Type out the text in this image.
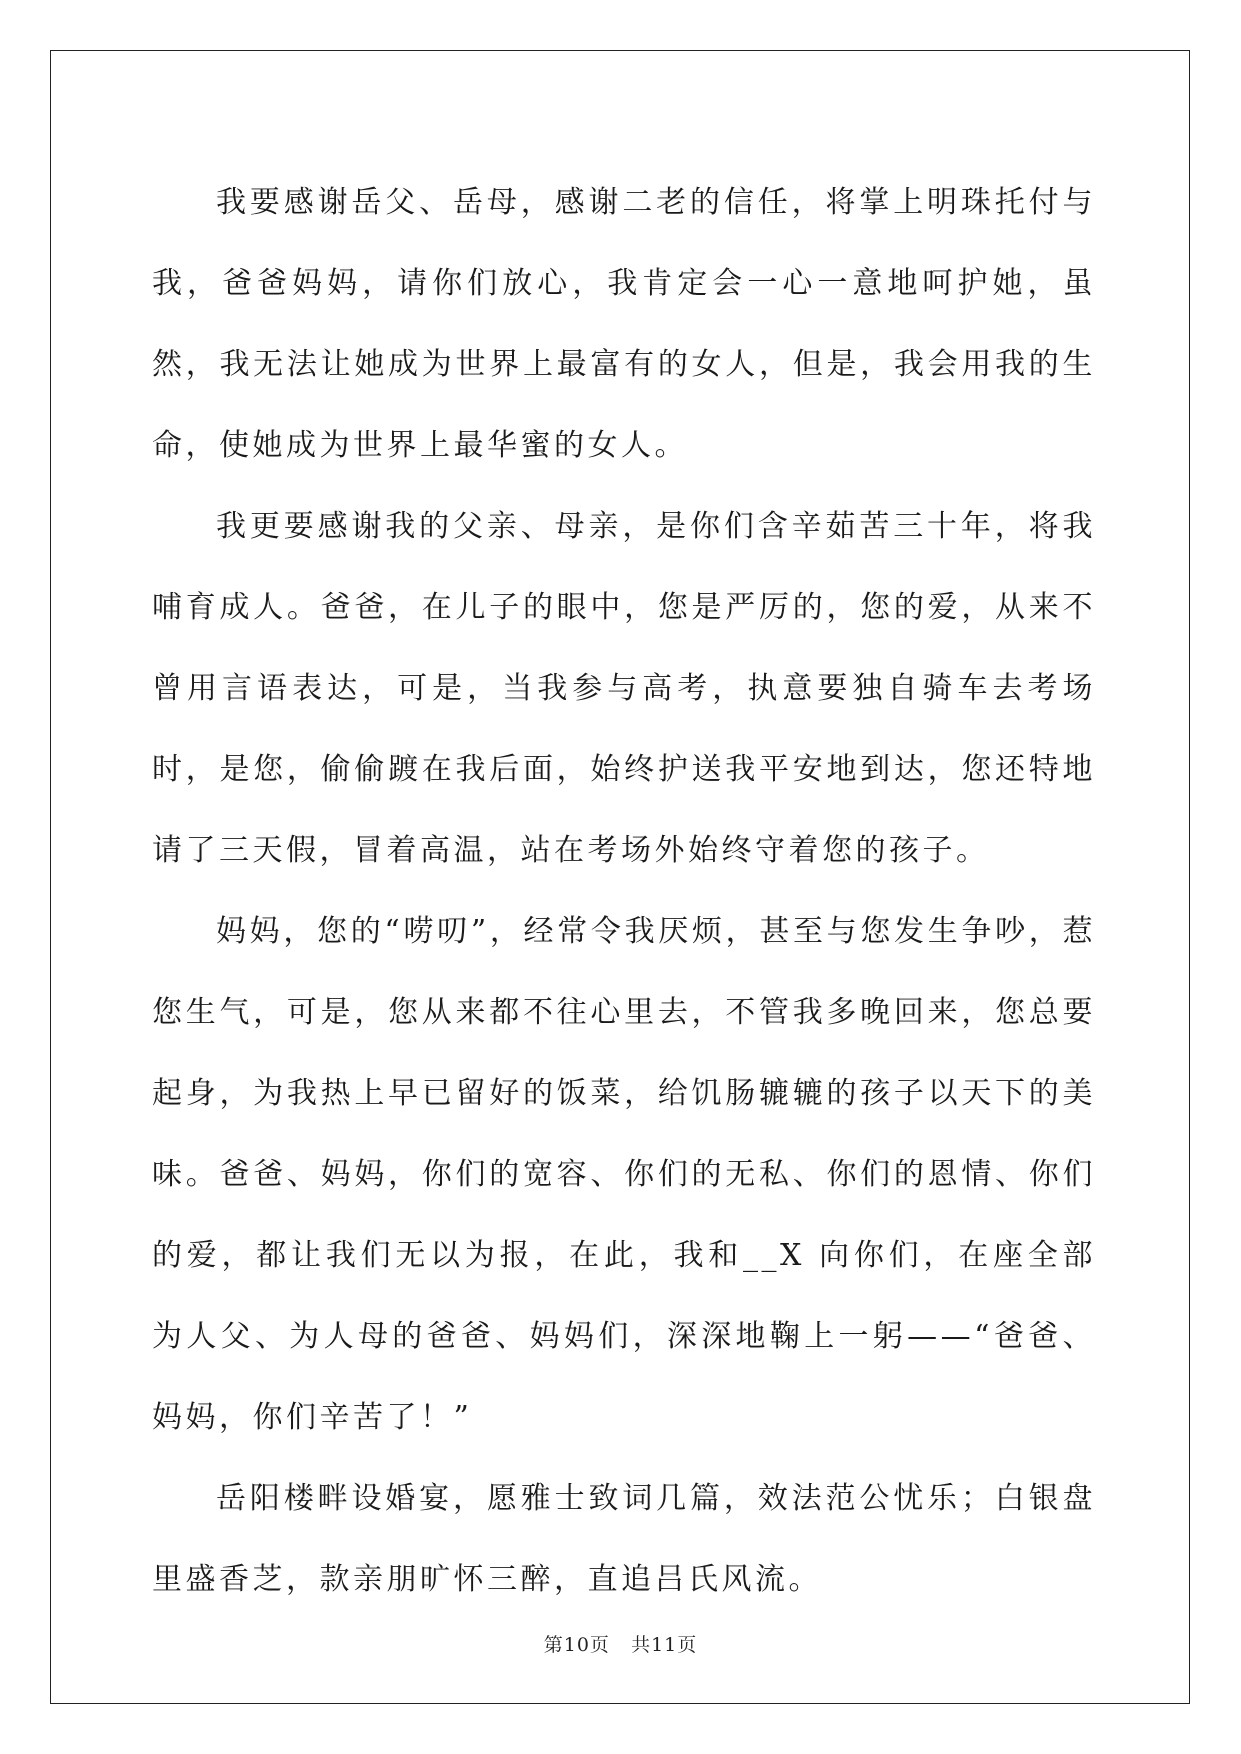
我要感谢岳父、岳母，感谢二老的信任，将掌上明珠托付与我，爸爸妈妈，请你们放心，我肯定会一心一意地呵护她，虽然，我无法让她成为世界上最富有的女人，但是，我会用我的生命，使她成为世界上最华蜜的女人。

我更要感谢我的父亲、母亲，是你们含辛茹苦三十年，将我哺育成人。爸爸，在儿子的眼中，您是严厉的，您的爱，从来不曾用言语表达，可是，当我参与高考，执意要独自骑车去考场时，是您，偷偷踱在我后面，始终护送我平安地到达，您还特地请了三天假，冒着高温，站在考场外始终守着您的孩子。

妈妈，您的“唠叨”，经常令我厌烦，甚至与您发生争吵，惹您生气，可是，您从来都不往心里去，不管我多晚回来，您总要起身，为我热上早已留好的饭菜，给饥肠辘辘的孩子以天下的美味。爸爸、妈妈，你们的宽容、你们的无私、你们的恩情、你们的爱，都让我们无以为报，在此，我和__X 向你们，在座全部为人父、为人母的爸爸、妈妈们，深深地鞠上一躬——“爸爸、妈妈，你们辛苦了！”

岳阳楼畔设婚宴，愿雅士致词几篇，效法范公忧乐；白银盘里盛香芝，款亲朋旷怀三醉，直追吕氏风流。

第10页 共11页
